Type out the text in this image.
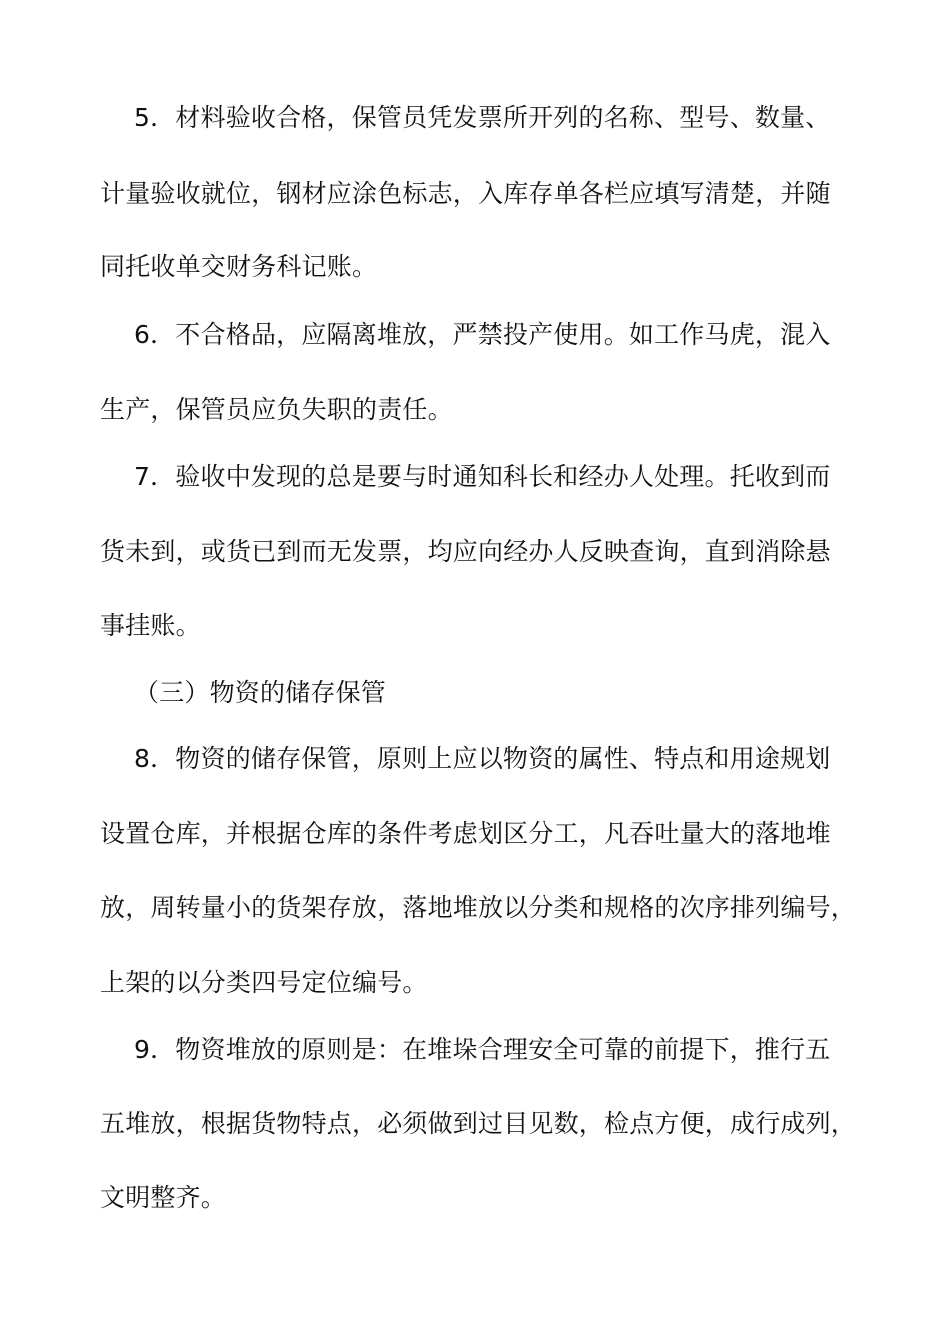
5．材料验收合格，保管员凭发票所开列的名称、型号、数量、
计量验收就位，钢材应涂色标志，入库存单各栏应填写清楚，并随
同托收单交财务科记账。
6．不合格品，应隔离堆放，严禁投产使用。如工作马虎，混入
生产，保管员应负失职的责任。
7．验收中发现的总是要与时通知科长和经办人处理。托收到而
货未到，或货已到而无发票，均应向经办人反映查询，直到消除悬
事挂账。
（三）物资的储存保管
8．物资的储存保管，原则上应以物资的属性、特点和用途规划
设置仓库，并根据仓库的条件考虑划区分工，凡吞吐量大的落地堆
放，周转量小的货架存放，落地堆放以分类和规格的次序排列编号，
上架的以分类四号定位编号。
9．物资堆放的原则是：在堆垛合理安全可靠的前提下，推行五
五堆放，根据货物特点，必须做到过目见数，检点方便，成行成列，
文明整齐。
